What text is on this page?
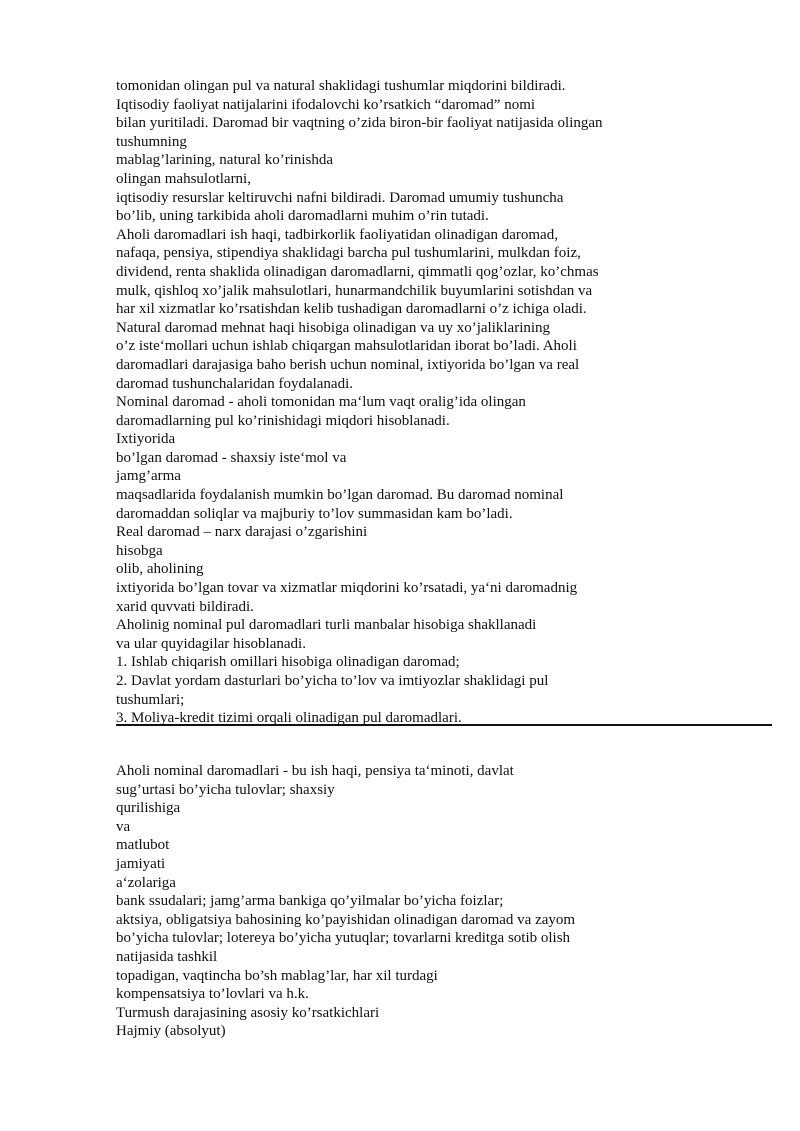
tomonidan olingan pul va natural shaklidagi tushumlar miqdorini bildiradi.
Iqtisodiy faoliyat natijalarini ifodalovchi ko’rsatkich “daromad” nomi
bilan yuritiladi. Daromad bir vaqtning o’zida biron-bir faoliyat natijasida olingan
tushumning
mablag’larining, natural ko’rinishda
olingan mahsulotlarni,
iqtisodiy resurslar keltiruvchi nafni bildiradi. Daromad umumiy tushuncha
bo’lib, uning tarkibida aholi daromadlarni muhim o’rin tutadi.
Aholi daromadlari ish haqi, tadbirkorlik faoliyatidan olinadigan daromad,
nafaqa, pensiya, stipendiya shaklidagi barcha pul tushumlarini, mulkdan foiz,
dividend, renta shaklida olinadigan daromadlarni, qimmatli qog’ozlar, ko’chmas
mulk, qishloq xo’jalik mahsulotlari, hunarmandchilik buyumlarini sotishdan va
har xil xizmatlar ko’rsatishdan kelib tushadigan daromadlarni o’z ichiga oladi.
Natural daromad mehnat haqi hisobiga olinadigan va uy xo’jaliklarining
o’z iste‘mollari uchun ishlab chiqargan mahsulotlaridan iborat bo’ladi. Aholi
daromadlari darajasiga baho berish uchun nominal, ixtiyorida bo’lgan va real
daromad tushunchalaridan foydalanadi.
Nominal daromad - aholi tomonidan ma‘lum vaqt oralig’ida olingan
daromadlarning pul ko’rinishidagi miqdori hisoblanadi.
Ixtiyorida
bo’lgan daromad - shaxsiy iste‘mol va
jamg’arma
maqsadlarida foydalanish mumkin bo’lgan daromad. Bu daromad nominal
daromaddan soliqlar va majburiy to’lov summasidan kam bo’ladi.
Real daromad – narx darajasi o’zgarishini
hisobga
olib, aholining
ixtiyorida bo’lgan tovar va xizmatlar miqdorini ko’rsatadi, ya‘ni daromadnig
xarid quvvati bildiradi.
Aholinig nominal pul daromadlari turli manbalar hisobiga shakllanadi
va ular quyidagilar hisoblanadi.
1. Ishlab chiqarish omillari hisobiga olinadigan daromad;
2. Davlat yordam dasturlari bo’yicha to’lov va imtiyozlar shaklidagi pul
tushumlari;
3. Moliya-kredit tizimi orqali olinadigan pul daromadlari.
Aholi nominal daromadlari - bu ish haqi, pensiya ta‘minoti, davlat
sug’urtasi bo’yicha tulovlar; shaxsiy
qurilishiga
va
matlubot
jamiyati
a‘zolariga
bank ssudalari; jamg’arma bankiga qo’yilmalar bo’yicha foizlar;
aktsiya, obligatsiya bahosining ko’payishidan olinadigan daromad va zayom
bo’yicha tulovlar; lotereya bo’yicha yutuqlar; tovarlarni kreditga sotib olish
natijasida tashkil
topadigan, vaqtincha bo’sh mablag’lar, har xil turdagi
kompensatsiya to’lovlari va h.k.
Turmush darajasining asosiy ko’rsatkichlari
Hajmiy (absolyut)
